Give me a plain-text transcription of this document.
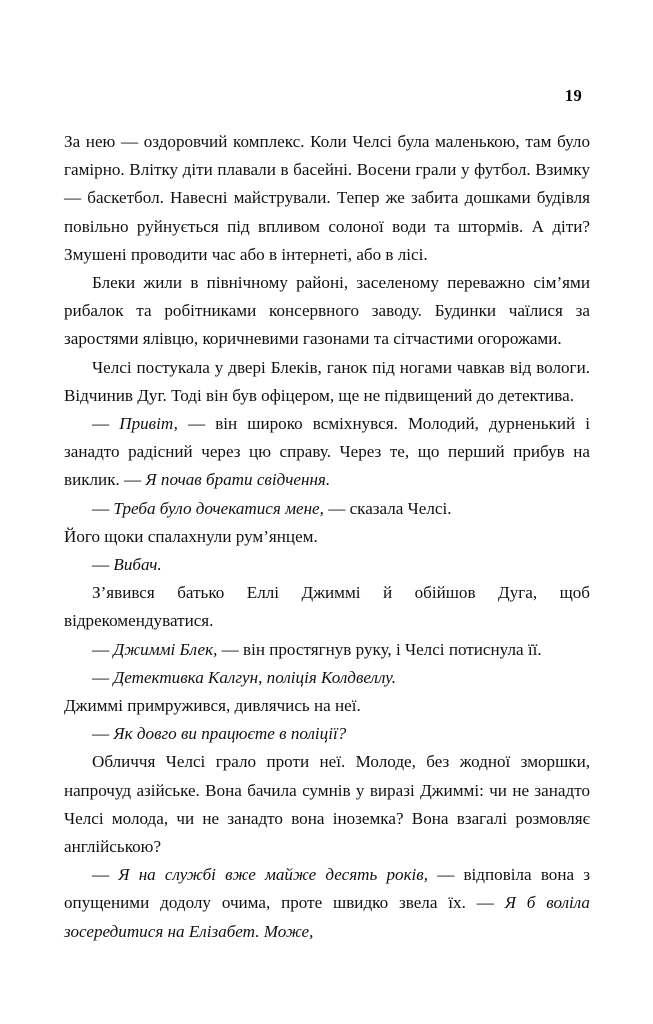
19

За нею — оздоровчий комплекс. Коли Челсі була маленькою, там було гамірно. Влітку діти плавали в басейні. Восени грали у футбол. Взимку — баскетбол. Навесні майстрували. Тепер же забита дошками будівля повільно руйнується під впливом солоної води та штормів. А діти? Змушені проводити час або в інтернеті, або в лісі.

Блеки жили в північному районі, заселеному переважно сім’ями рибалок та робітниками консервного заводу. Будинки чаїлися за заростями ялівцю, коричневими газонами та сітчастими огорожами.

Челсі постукала у двері Блеків, ганок під ногами чавкав від вологи. Відчинив Дуг. Тоді він був офіцером, ще не підвищений до детектива.

— Привіт, — він широко всміхнувся. Молодий, дурненький і занадто радісний через цю справу. Через те, що перший прибув на виклик. — Я почав брати свідчення.

— Треба було дочекатися мене, — сказала Челсі.

Його щоки спалахнули рум’янцем.

— Вибач.

З’явився батько Еллі Джиммі й обійшов Дуга, щоб відрекомендуватися.

— Джиммі Блек, — він простягнув руку, і Челсі потиснула її.

— Детективка Калгун, поліція Колдвеллу.

Джиммі примружився, дивлячись на неї.

— Як довго ви працюєте в поліції?

Обличчя Челсі грало проти неї. Молоде, без жодної зморшки, напрочуд азійське. Вона бачила сумнів у виразі Джиммі: чи не занадто Челсі молода, чи не занадто вона іноземка? Вона взагалі розмовляє англійською?

— Я на службі вже майже десять років, — відповіла вона з опущеними додолу очима, проте швидко звела їх. — Я б воліла зосередитися на Елізабет. Може,
